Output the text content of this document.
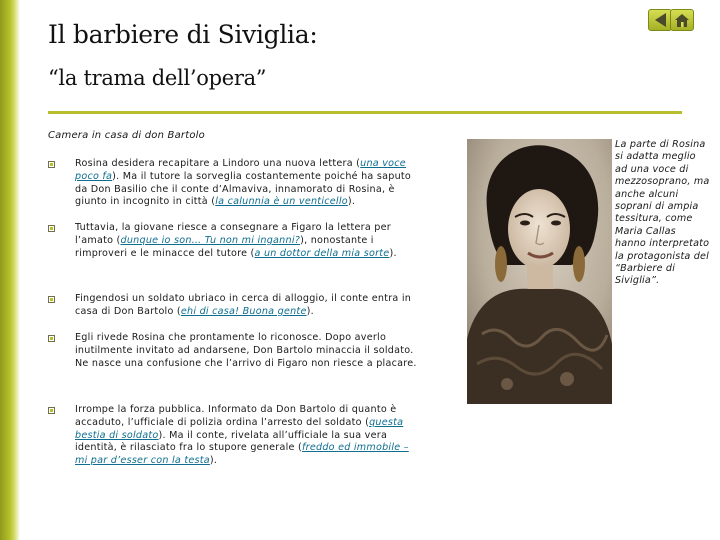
Il barbiere di Siviglia:
“la trama dell’opera”

Camera in casa di don Bartolo

Rosina desidera recapitare a Lindoro una nuova lettera (una voce poco fa). Ma il tutore la sorveglia costantemente poiché ha saputo da Don Basilio che il conte d’Almaviva, innamorato di Rosina, è giunto in incognito in città (la calunnia è un venticello).
Tuttavia, la giovane riesce a consegnare a Figaro la lettera per l’amato (dunque io son… Tu non mi inganni?), nonostante i rimproveri e le minacce del tutore (a un dottor della mia sorte).
Fingendosi un soldato ubriaco in cerca di alloggio, il conte entra in casa di Don Bartolo (ehi di casa! Buona gente).
Egli rivede Rosina che prontamente lo riconosce. Dopo averlo inutilmente invitato ad andarsene, Don Bartolo minaccia il soldato. Ne nasce una confusione che l’arrivo di Figaro non riesce a placare.
Irrompe la forza pubblica. Informato da Don Bartolo di quanto è accaduto, l’ufficiale di polizia ordina l’arresto del soldato (questa bestia di soldato). Ma il conte, rivelata all’ufficiale la sua vera identità, è rilasciato fra lo stupore generale (freddo ed immobile – mi par d’esser con la testa).

La parte di Rosina si adatta meglio ad una voce di mezzosoprano, ma anche alcuni soprani di ampia tessitura, come Maria Callas hanno interpretato la protagonista del “Barbiere di Siviglia”.
